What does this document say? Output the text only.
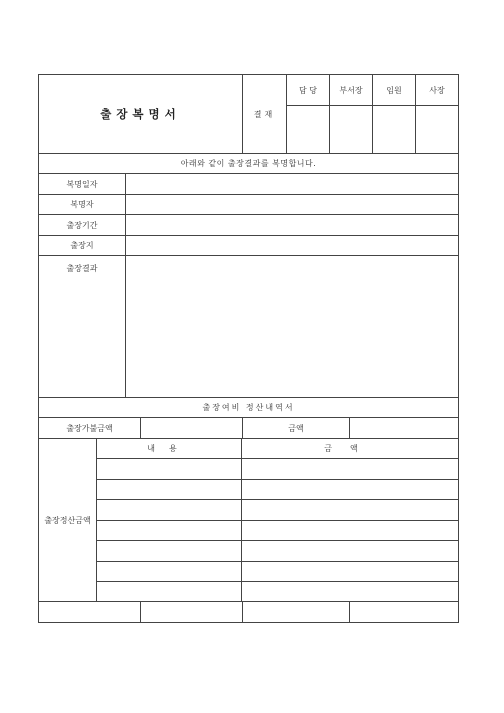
출장복명서	결재	담 당	부서장	임원	사장

아래와 같이 출장결과를 복명합니다.	
복명일자	
복명자	
출장기간	
출장지	
출장결과	
출장여비 정산내역서
출장가불금액		금액	
출장정산금액	내용	금액
